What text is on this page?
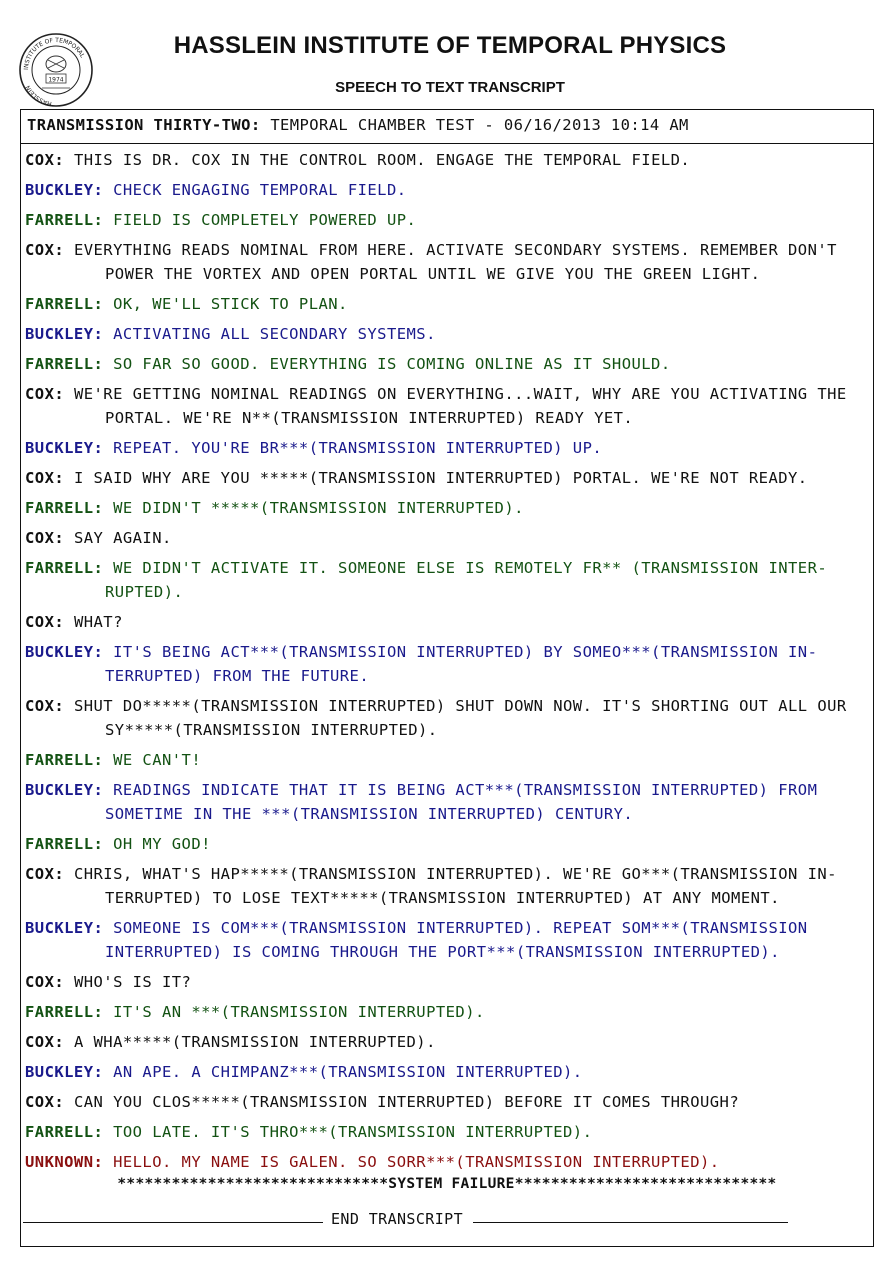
INSTITUTE OF TEMPORAL
HASSLEIN
1974
HASSLEIN INSTITUTE OF TEMPORAL PHYSICS
SPEECH TO TEXT TRANSCRIPT
TRANSMISSION THIRTY-TWO: TEMPORAL CHAMBER TEST - 06/16/2013 10:14 AM
COX: THIS IS DR. COX IN THE CONTROL ROOM. ENGAGE THE TEMPORAL FIELD.
BUCKLEY: CHECK ENGAGING TEMPORAL FIELD.
FARRELL: FIELD IS COMPLETELY POWERED UP.
COX: EVERYTHING READS NOMINAL FROM HERE. ACTIVATE SECONDARY SYSTEMS. REMEMBER DON'T POWER THE VORTEX AND OPEN PORTAL UNTIL WE GIVE YOU THE GREEN LIGHT.
FARRELL: OK, WE'LL STICK TO PLAN.
BUCKLEY: ACTIVATING ALL SECONDARY SYSTEMS.
FARRELL: SO FAR SO GOOD. EVERYTHING IS COMING ONLINE AS IT SHOULD.
COX: WE'RE GETTING NOMINAL READINGS ON EVERYTHING...WAIT, WHY ARE YOU ACTIVATING THE PORTAL. WE'RE N**(TRANSMISSION INTERRUPTED) READY YET.
BUCKLEY: REPEAT. YOU'RE BR***(TRANSMISSION INTERRUPTED) UP.
COX: I SAID WHY ARE YOU *****(TRANSMISSION INTERRUPTED) PORTAL. WE'RE NOT READY.
FARRELL: WE DIDN'T *****(TRANSMISSION INTERRUPTED).
COX: SAY AGAIN.
FARRELL: WE DIDN'T ACTIVATE IT. SOMEONE ELSE IS REMOTELY FR** (TRANSMISSION INTER-RUPTED).
COX: WHAT?
BUCKLEY: IT'S BEING ACT***(TRANSMISSION INTERRUPTED) BY SOMEO***(TRANSMISSION IN-TERRUPTED) FROM THE FUTURE.
COX: SHUT DO*****(TRANSMISSION INTERRUPTED) SHUT DOWN NOW. IT'S SHORTING OUT ALL OUR SY*****(TRANSMISSION INTERRUPTED).
FARRELL: WE CAN'T!
BUCKLEY: READINGS INDICATE THAT IT IS BEING ACT***(TRANSMISSION INTERRUPTED) FROM SOMETIME IN THE ***(TRANSMISSION INTERRUPTED) CENTURY.
FARRELL: OH MY GOD!
COX: CHRIS, WHAT'S HAP*****(TRANSMISSION INTERRUPTED). WE'RE GO***(TRANSMISSION IN-TERRUPTED) TO LOSE TEXT*****(TRANSMISSION INTERRUPTED) AT ANY MOMENT.
BUCKLEY: SOMEONE IS COM***(TRANSMISSION INTERRUPTED). REPEAT SOM***(TRANSMISSION INTERRUPTED) IS COMING THROUGH THE PORT***(TRANSMISSION INTERRUPTED).
COX: WHO'S IS IT?
FARRELL: IT'S AN ***(TRANSMISSION INTERRUPTED).
COX: A WHA*****(TRANSMISSION INTERRUPTED).
BUCKLEY: AN APE. A CHIMPANZ***(TRANSMISSION INTERRUPTED).
COX: CAN YOU CLOS*****(TRANSMISSION INTERRUPTED) BEFORE IT COMES THROUGH?
FARRELL: TOO LATE. IT'S THRO***(TRANSMISSION INTERRUPTED).
UNKNOWN: HELLO. MY NAME IS GALEN. SO SORR***(TRANSMISSION INTERRUPTED).
******************************SYSTEM FAILURE*****************************
END TRANSCRIPT
